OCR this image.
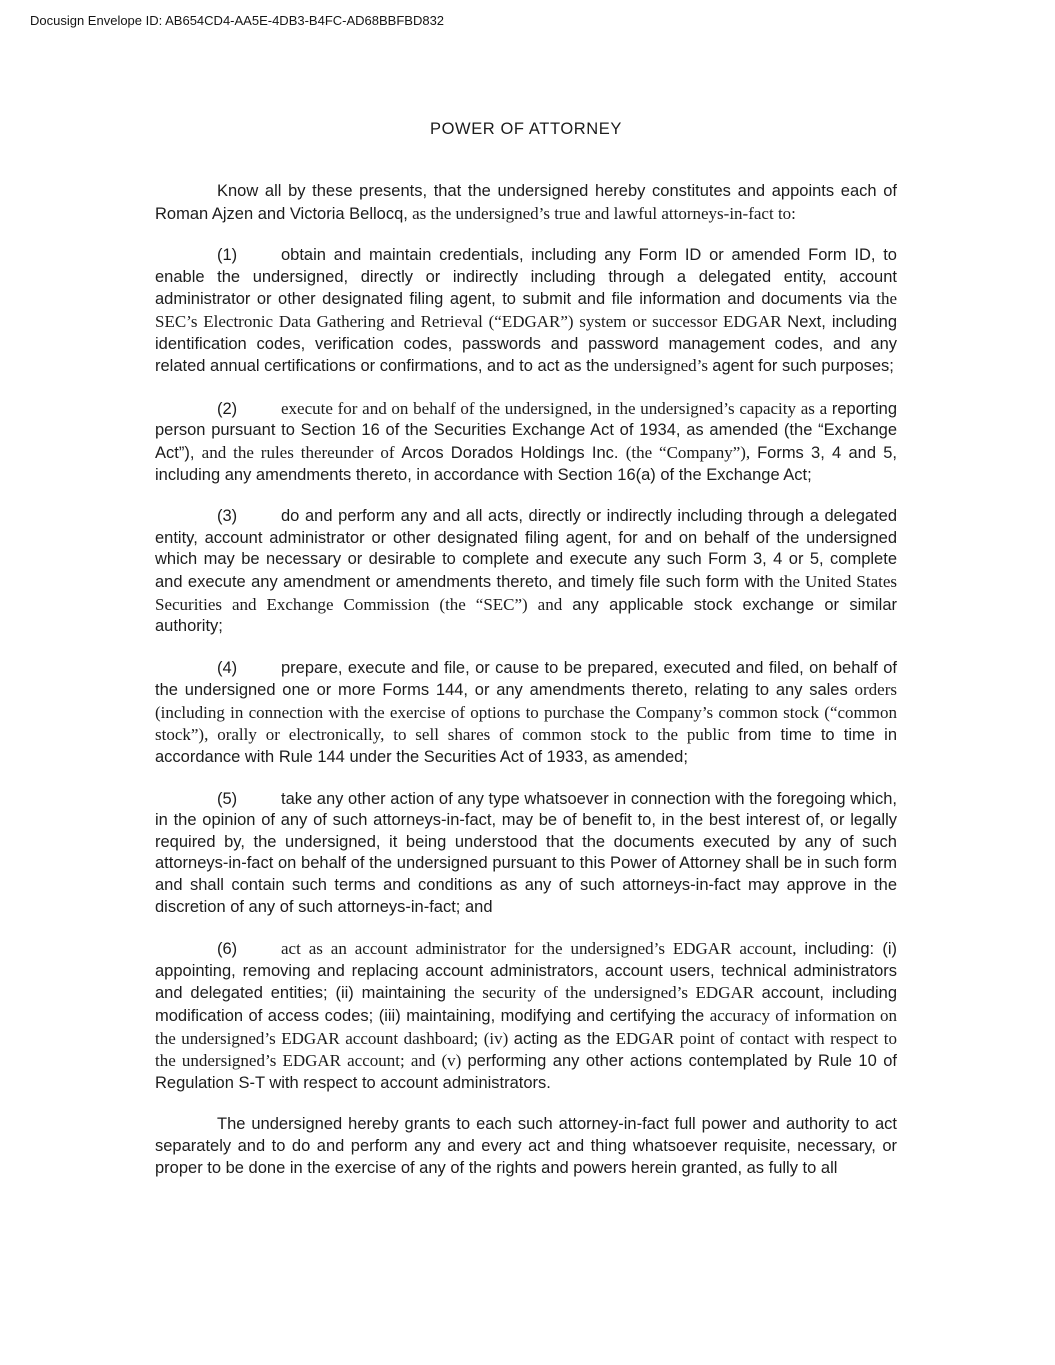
Docusign Envelope ID: AB654CD4-AA5E-4DB3-B4FC-AD68BBFBD832
POWER OF ATTORNEY

Know all by these presents, that the undersigned hereby constitutes and appoints each of Roman Ajzen and Victoria Bellocq, as the undersigned’s true and lawful attorneys-in-fact to:

(1)	obtain and maintain credentials, including any Form ID or amended Form ID, to enable the undersigned, directly or indirectly including through a delegated entity, account administrator or other designated filing agent, to submit and file information and documents via the SEC’s Electronic Data Gathering and Retrieval (“EDGAR”) system or successor EDGAR Next, including identification codes, verification codes, passwords and password management codes, and any related annual certifications or confirmations, and to act as the undersigned’s agent for such purposes;

(2)	execute for and on behalf of the undersigned, in the undersigned’s capacity as a reporting person pursuant to Section 16 of the Securities Exchange Act of 1934, as amended (the “Exchange Act”), and the rules thereunder of Arcos Dorados Holdings Inc. (the “Company”), Forms 3, 4 and 5, including any amendments thereto, in accordance with Section 16(a) of the Exchange Act;

(3)	do and perform any and all acts, directly or indirectly including through a delegated entity, account administrator or other designated filing agent, for and on behalf of the undersigned which may be necessary or desirable to complete and execute any such Form 3, 4 or 5, complete and execute any amendment or amendments thereto, and timely file such form with the United States Securities and Exchange Commission (the “SEC”) and any applicable stock exchange or similar authority;

(4)	prepare, execute and file, or cause to be prepared, executed and filed, on behalf of the undersigned one or more Forms 144, or any amendments thereto, relating to any sales orders (including in connection with the exercise of options to purchase the Company’s common stock (“common stock”), orally or electronically, to sell shares of common stock to the public from time to time in accordance with Rule 144 under the Securities Act of 1933, as amended;

(5)	take any other action of any type whatsoever in connection with the foregoing which, in the opinion of any of such attorneys-in-fact, may be of benefit to, in the best interest of, or legally required by, the undersigned, it being understood that the documents executed by any of such attorneys-in-fact on behalf of the undersigned pursuant to this Power of Attorney shall be in such form and shall contain such terms and conditions as any of such attorneys-in-fact may approve in the discretion of any of such attorneys-in-fact; and

(6)	act as an account administrator for the undersigned’s EDGAR account, including: (i) appointing, removing and replacing account administrators, account users, technical administrators and delegated entities; (ii) maintaining the security of the undersigned’s EDGAR account, including modification of access codes; (iii) maintaining, modifying and certifying the accuracy of information on the undersigned’s EDGAR account dashboard; (iv) acting as the EDGAR point of contact with respect to the undersigned’s EDGAR account; and (v) performing any other actions contemplated by Rule 10 of Regulation S-T with respect to account administrators.

The undersigned hereby grants to each such attorney-in-fact full power and authority to act separately and to do and perform any and every act and thing whatsoever requisite, necessary, or proper to be done in the exercise of any of the rights and powers herein granted, as fully to all
